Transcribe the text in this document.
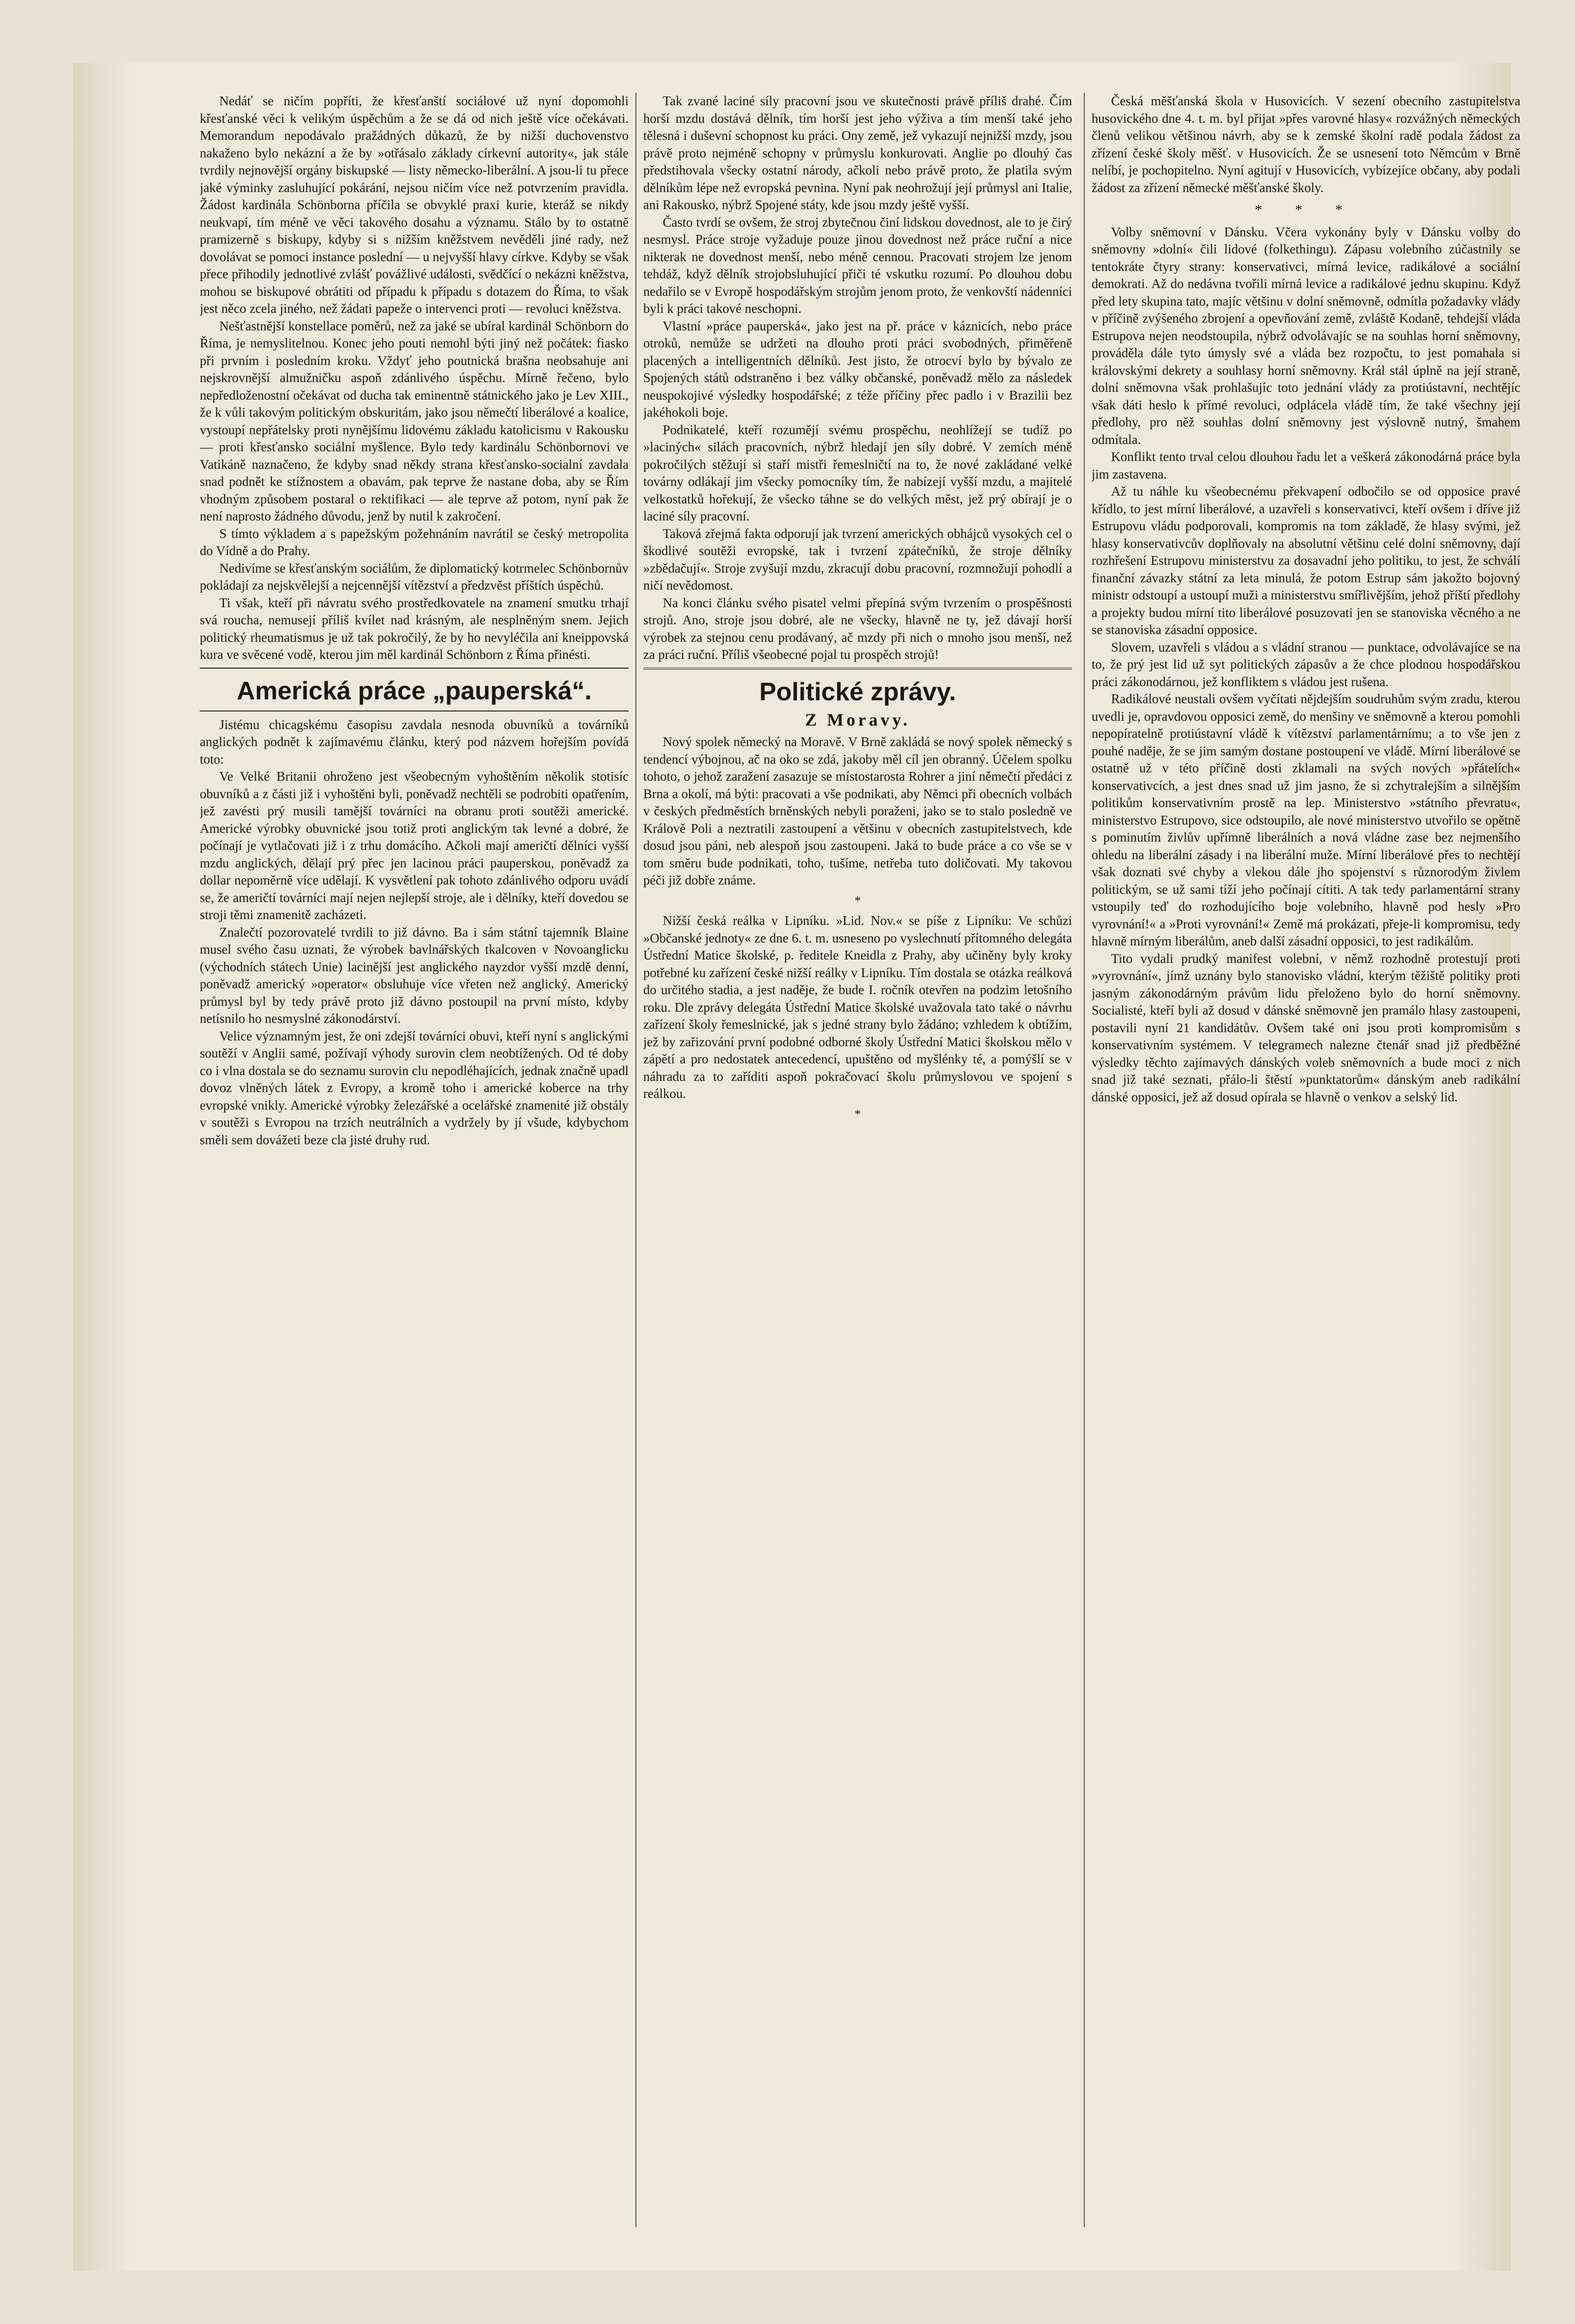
Nedáť se ničím popříti, že křesťanští sociálové už nyní dopomohli křesťanské věci k velikým úspěchům a že se dá od nich ještě více očekávati. Memorandum nepodávalo pražádných důkazů, že by nižší duchovenstvo nakaženo bylo nekázní a že by »otřásalo základy církevní autority«, jak stále tvrdily nejnovější orgány biskupské — listy německo-liberální. A jsou-li tu přece jaké výminky zasluhující pokárání, nejsou ničím více než potvrzením pravidla. Žádost kardinála Schönborna příčila se obvyklé praxi kurie, kteráž se nikdy neukvapí, tím méně ve věci takového dosahu a významu. Stálo by to ostatně pramizerně s biskupy, kdyby si s nižším kněžstvem nevěděli jiné rady, než dovolávat se pomoci instance poslední — u nejvyšší hlavy církve. Kdyby se však přece přihodily jednotlivé zvlášť povážlivé události, svědčící o nekázni kněžstva, mohou se biskupové obrátiti od případu k případu s dotazem do Říma, to však jest něco zcela jiného, než žádati papeže o intervenci proti — revoluci kněžstva.

Nešťastnější konstellace poměrů, než za jaké se ubíral kardinál Schönborn do Říma, je nemyslitelnou. Konec jeho pouti nemohl býti jiný než počátek: fiasko při prvním i posledním kroku. Vždyť jeho poutnická brašna neobsahuje ani nejskrovnější almužničku aspoň zdánlivého úspěchu. Mírně řečeno, bylo nepředloženostní očekávat od ducha tak eminentně státnického jako je Lev XIII., že k vůli takovým politickým obskuritám, jako jsou němečtí liberálové a koalice, vystoupí nepřátelsky proti nynějšímu lidovému základu katolicismu v Rakousku — proti křesťansko sociální myšlence. Bylo tedy kardinálu Schönbornovi ve Vatikáně naznačeno, že kdyby snad někdy strana křesťansko-socialní zavdala snad podnět ke stížnostem a obavám, pak teprve že nastane doba, aby se Řím vhodným způsobem postaral o rektifikaci — ale teprve až potom, nyní pak že není naprosto žádného důvodu, jenž by nutil k zakročení.

S tímto výkladem a s papežským požehnáním navrátil se český metropolita do Vídně a do Prahy.

Nedivíme se křesťanským sociálům, že diplomatický kotrmelec Schönbornův pokládají za nejskvělejší a nejcennější vítězství a předzvěst příštích úspěchů.

Ti však, kteří při návratu svého prostředkovatele na znamení smutku trhají svá roucha, nemusejí příliš kvílet nad krásným, ale nesplněným snem. Jejich politický rheumatismus je už tak pokročilý, že by ho nevyléčila ani kneippovská kura ve svěcené vodě, kterou jim měl kardinál Schönborn z Říma přinésti.

Americká práce „pauperská“.

Jistému chicagskému časopisu zavdala nesnoda obuvníků a továrníků anglických podnět k zajímavému článku, který pod názvem hořejším povídá toto:

Ve Velké Britanii ohroženo jest všeobecným vyhoštěním několik stotisíc obuvníků a z části již i vyhoštěni byli, poněvadž nechtěli se podrobiti opatřením, jež zavésti prý musili tamější továrníci na obranu proti soutěži americké. Americké výrobky obuvnické jsou totiž proti anglickým tak levné a dobré, že počínají je vytlačovati již i z trhu domácího. Ačkoli mají američtí dělníci vyšší mzdu anglických, dělají prý přec jen lacinou práci pauperskou, poněvadž za dollar nepoměrně více udělají. K vysvětlení pak tohoto zdánlivého odporu uvádí se, že američtí továrníci mají nejen nejlepší stroje, ale i dělníky, kteří dovedou se stroji těmi znamenitě zacházeti.

Znalečtí pozorovatelé tvrdili to již dávno. Ba i sám státní tajemník Blaine musel svého času uznati, že výrobek bavlnářských tkalcoven v Novoanglicku (východních státech Unie) lacinější jest anglického nayzdor vyšší mzdě denní, poněvadž americký »operator« obsluhuje více vřeten než anglický. Americký průmysl byl by tedy právě proto již dávno postoupil na první místo, kdyby netísnilo ho nesmyslné zákonodárství.

Velice významným jest, že oni zdejší továrníci obuvi, kteří nyní s anglickými soutěží v Anglii samé, požívají výhody surovin clem neobtížených. Od té doby co i vlna dostala se do seznamu surovin clu nepodléhajících, jednak značně upadl dovoz vlněných látek z Evropy, a kromě toho i americké koberce na trhy evropské vnikly. Americké výrobky železářské a ocelářské znamenité již obstály v soutěži s Evropou na trzích neutrálních a vydržely by jí všude, kdybychom směli sem dovážeti beze cla jisté druhy rud.

Tak zvané laciné síly pracovní jsou ve skutečnosti právě příliš drahé. Čím horší mzdu dostává dělník, tím horší jest jeho výživa a tím menší také jeho tělesná i duševní schopnost ku práci. Ony země, jež vykazují nejnižší mzdy, jsou právě proto nejméně schopny v průmyslu konkurovati. Anglie po dlouhý čas předstihovala všecky ostatní národy, ačkoli nebo právě proto, že platila svým dělníkům lépe než evropská pevnina. Nyní pak neohrožují její průmysl ani Italie, ani Rakousko, nýbrž Spojené státy, kde jsou mzdy ještě vyšší.

Často tvrdí se ovšem, že stroj zbytečnou činí lidskou dovednost, ale to je čirý nesmysl. Práce stroje vyžaduje pouze jinou dovednost než práce ruční a nice nikterak ne dovednost menší, nebo méně cennou. Pracovati strojem lze jenom tehdáž, když dělník strojobsluhující přiči té vskutku rozumí. Po dlouhou dobu nedařilo se v Evropě hospodářským strojům jenom proto, že venkovští nádenníci byli k práci takové neschopni.

Vlastní »práce pauperská«, jako jest na př. práce v káznicích, nebo práce otroků, nemůže se udržeti na dlouho proti práci svobodných, přiměřeně placených a intelligentních dělníků. Jest jisto, že otrocví bylo by bývalo ze Spojených států odstraněno i bez války občanské, poněvadž mělo za následek neuspokojivé výsledky hospodářské; z téže příčiny přec padlo i v Brazilii bez jakéhokoli boje.

Podnikatelé, kteří rozumějí svému prospěchu, neohlížejí se tudíž po »laciných« silách pracovních, nýbrž hledají jen síly dobré. V zemích méně pokročilých stěžují si staří mistři řemeslničtí na to, že nové zakládané velké továrny odlákají jim všecky pomocníky tím, že nabízejí vyšší mzdu, a majitelé velkostatků hořekují, že všecko táhne se do velkých měst, jež prý obírají je o laciné síly pracovní.

Taková zřejmá fakta odporují jak tvrzení amerických obhájců vysokých cel o škodlivé soutěži evropské, tak i tvrzení zpátečníků, že stroje dělníky »zbědačují«. Stroje zvyšují mzdu, zkracují dobu pracovní, rozmnožují pohodlí a ničí nevědomost.

Na konci článku svého pisatel velmi přepíná svým tvrzením o prospěšnosti strojů. Ano, stroje jsou dobré, ale ne všecky, hlavně ne ty, jež dávají horší výrobek za stejnou cenu prodávaný, ač mzdy při nich o mnoho jsou menší, než za práci ruční. Příliš všeobecné pojal tu prospěch strojů!

Politické zprávy.
Z Moravy.

Nový spolek německý na Moravě. V Brně zakládá se nový spolek německý s tendencí výbojnou, ač na oko se zdá, jakoby měl cíl jen obranný. Účelem spolku tohoto, o jehož zaražení zasazuje se místostarosta Rohrer a jiní němečtí předáci z Brna a okolí, má býti: pracovati a vše podnikati, aby Němci při obecních volbách v českých předměstích brněnských nebyli poraženi, jako se to stalo posledně ve Králově Poli a neztratili zastoupení a většinu v obecních zastupitelstvech, kde dosud jsou páni, neb alespoň jsou zastoupeni. Jaká to bude práce a co vše se v tom směru bude podnikati, toho, tušíme, netřeba tuto doličovati. My takovou péči již dobře známe.

*

Nižší česká reálka v Lipníku. »Lid. Nov.« se píše z Lipníku: Ve schůzi »Občanské jednoty« ze dne 6. t. m. usneseno po vyslechnutí přítomného delegáta Ústřední Matice školské, p. ředitele Kneidla z Prahy, aby učiněny byly kroky potřebné ku zařízení české nižší reálky v Lipníku. Tím dostala se otázka reálková do určitého stadia, a jest naděje, že bude I. ročník otevřen na podzim letošního roku. Dle zprávy delegáta Ústřední Matice školské uvažovala tato také o návrhu zařízení školy řemeslnické, jak s jedné strany bylo žádáno; vzhledem k obtížím, jež by zařizování první podobné odborné školy Ústřední Matici školskou mělo v zápětí a pro nedostatek antecedencí, upuštěno od myšlénky té, a pomýšlí se v náhradu za to zaříditi aspoň pokračovací školu průmyslovou ve spojení s reálkou.

*

Česká měšťanská škola v Husovicích. V sezení obecního zastupitelstva husovického dne 4. t. m. byl přijat »přes varovné hlasy« rozvážných německých členů velikou většinou návrh, aby se k zemské školní radě podala žádost za zřízení české školy měšť. v Husovicích. Že se usnesení toto Němcům v Brně nelíbí, je pochopitelno. Nyní agitují v Husovicích, vybízejíce občany, aby podali žádost za zřízení německé měšťanské školy.

* * *

Volby sněmovní v Dánsku. Včera vykonány byly v Dánsku volby do sněmovny »dolní« čili lidové (folkethingu). Zápasu volebního zúčastnily se tentokráte čtyry strany: konservativci, mírná levice, radikálové a sociální demokrati. Až do nedávna tvořili mírná levice a radikálové jednu skupinu. Když před lety skupina tato, majíc většinu v dolní sněmovně, odmítla požadavky vlády v příčině zvýšeného zbrojení a opevňování země, zvláště Kodaně, tehdejší vláda Estrupova nejen neodstoupila, nýbrž odvolávajíc se na souhlas horní sněmovny, prováděla dále tyto úmysly své a vláda bez rozpočtu, to jest pomahala si královskými dekrety a souhlasy horní sněmovny. Král stál úplně na její straně, dolní sněmovna však prohlašujíc toto jednání vlády za protiústavní, nechtějíc však dáti heslo k přímé revoluci, odplácela vládě tím, že také všechny její předlohy, pro něž souhlas dolní sněmovny jest výslovně nutný, šmahem odmítala.

Konflikt tento trval celou dlouhou řadu let a veškerá zákonodárná práce byla jim zastavena.

Až tu náhle ku všeobecnému překvapení odbočilo se od opposice pravé křídlo, to jest mírní liberálové, a uzavřeli s konservativci, kteří ovšem i dříve již Estrupovu vládu podporovali, kompromis na tom základě, že hlasy svými, jež hlasy konservativcův doplňovaly na absolutní většinu celé dolní sněmovny, dají rozhřešení Estrupovu ministerstvu za dosavadní jeho politiku, to jest, že schválí finanční závazky státní za leta minulá, že potom Estrup sám jakožto bojovný ministr odstoupí a ustoupí muži a ministerstvu smířlivějším, jehož příští předlohy a projekty budou mírní tito liberálové posuzovati jen se stanoviska věcného a ne se stanoviska zásadní opposice.

Slovem, uzavřeli s vládou a s vládní stranou — punktace, odvolávajíce se na to, že prý jest lid už syt politických zápasův a že chce plodnou hospodářskou práci zákonodárnou, jež konfliktem s vládou jest rušena.

Radikálové neustali ovšem vyčítati nějdejším soudruhům svým zradu, kterou uvedli je, opravdovou opposici země, do menšiny ve sněmovně a kterou pomohli nepopíratelně protiústavní vládě k vítězství parlamentárnímu; a to vše jen z pouhé naděje, že se jim samým dostane postoupení ve vládě. Mírní liberálové se ostatně už v této příčině dosti zklamali na svých nových »přátelích« konservativcích, a jest dnes snad už jim jasno, že si zchytralejším a silnějším politikům konservativním prostě na lep. Ministerstvo »státního převratu«, ministerstvo Estrupovo, sice odstoupilo, ale nové ministerstvo utvořilo se opětně s pominutím živlův upřímně liberálních a nová vládne zase bez nejmenšího ohledu na liberální zásady i na liberální muže. Mírní liberálové přes to nechtějí však doznati své chyby a vlekou dále jho spojenství s různorodým živlem politickým, se už sami tíží jeho počínají cítiti. A tak tedy parlamentární strany vstoupily teď do rozhodujícího boje volebního, hlavně pod hesly »Pro vyrovnání!« a »Proti vyrovnání!« Země má prokázati, přeje-li kompromisu, tedy hlavně mírným liberálům, aneb další zásadní opposici, to jest radikálům.

Tito vydali prudký manifest volební, v němž rozhodně protestují proti »vyrovnání«, jímž uznány bylo stanovisko vládní, kterým těžiště politiky proti jasným zákonodárným právům lidu přeloženo bylo do horní sněmovny. Socialisté, kteří byli až dosud v dánské sněmovně jen pramálo hlasy zastoupeni, postavili nyní 21 kandidátův. Ovšem také oni jsou proti kompromisům s konservativním systémem. V telegramech nalezne čtenář snad již předběžné výsledky těchto zajímavých dánských voleb sněmovních a bude moci z nich snad již také seznati, přálo-li štěstí »punktatorům« dánským aneb radikální dánské opposici, jež až dosud opírala se hlavně o venkov a selský lid.
